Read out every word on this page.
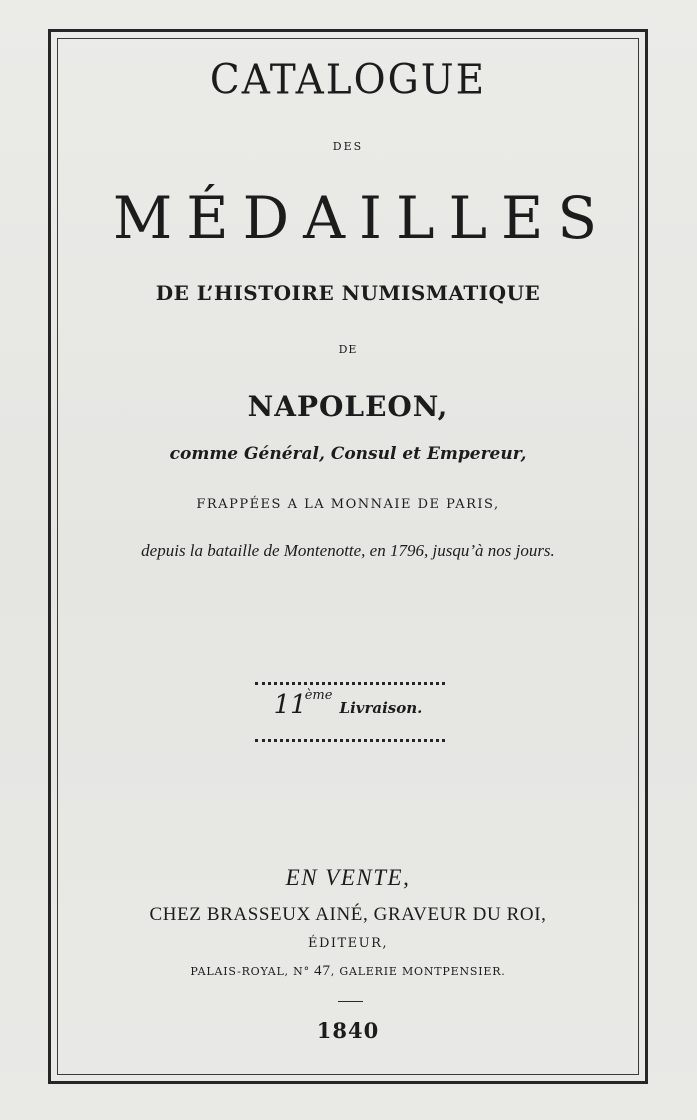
CATALOGUE
DES
MÉDAILLES
DE L’HISTOIRE NUMISMATIQUE
DE
NAPOLEON,
comme Général, Consul et Empereur,
FRAPPÉES A LA MONNAIE DE PARIS,
depuis la bataille de Montenotte, en 1796, jusqu’à nos jours.
11ème Livraison.
EN VENTE,
CHEZ BRASSEUX AINÉ, GRAVEUR DU ROI,
ÉDITEUR,
PALAIS-ROYAL, N° 47, GALERIE MONTPENSIER.
1840
